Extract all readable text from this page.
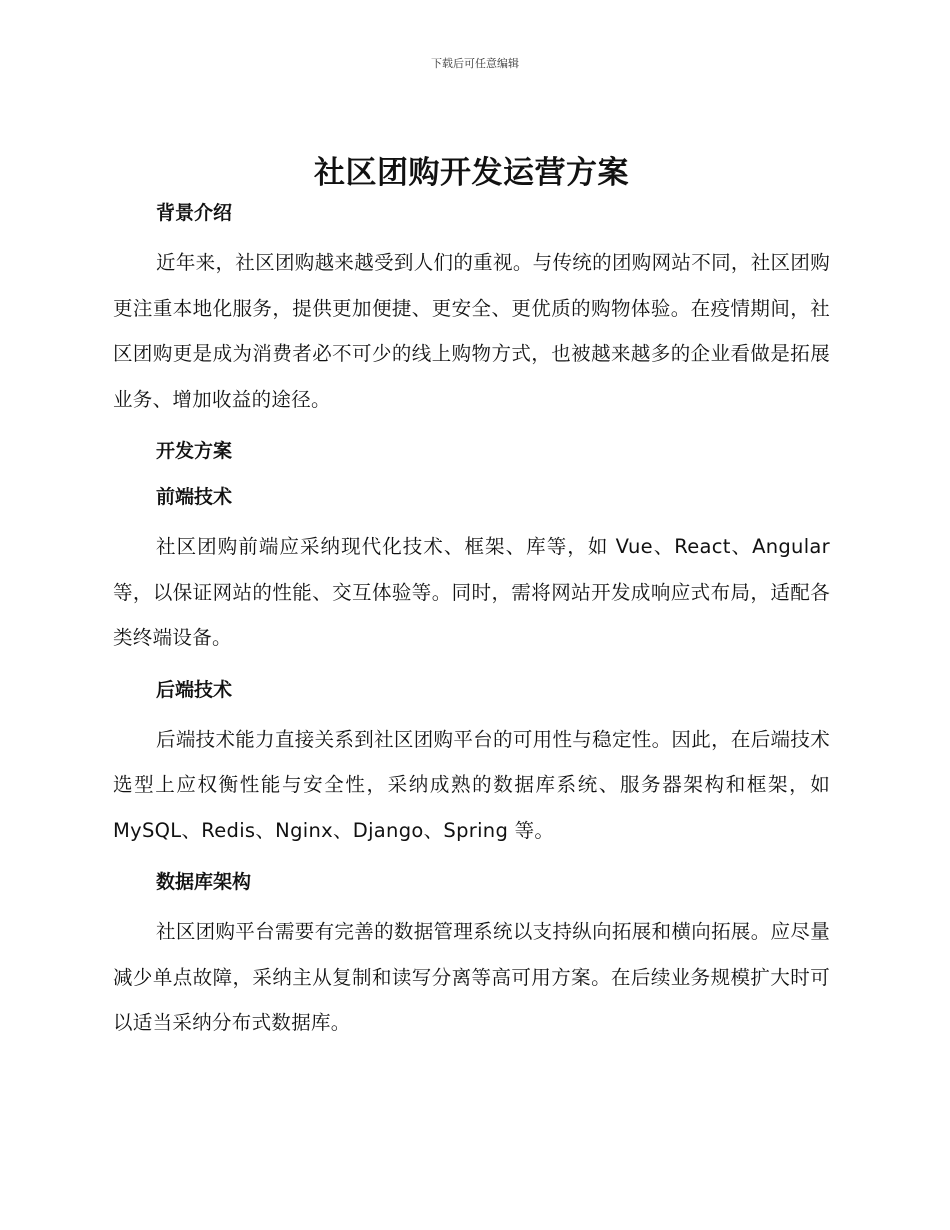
下载后可任意编辑
社区团购开发运营方案
背景介绍

近年来，社区团购越来越受到人们的重视。与传统的团购网站不同，社区团购更注重本地化服务，提供更加便捷、更安全、更优质的购物体验。在疫情期间，社区团购更是成为消费者必不可少的线上购物方式，也被越来越多的企业看做是拓展业务、增加收益的途径。

开发方案
前端技术

社区团购前端应采纳现代化技术、框架、库等，如 Vue、React、Angular 等，以保证网站的性能、交互体验等。同时，需将网站开发成响应式布局，适配各类终端设备。

后端技术

后端技术能力直接关系到社区团购平台的可用性与稳定性。因此，在后端技术选型上应权衡性能与安全性，采纳成熟的数据库系统、服务器架构和框架，如 MySQL、Redis、Nginx、Django、Spring 等。

数据库架构

社区团购平台需要有完善的数据管理系统以支持纵向拓展和横向拓展。应尽量减少单点故障，采纳主从复制和读写分离等高可用方案。在后续业务规模扩大时可以适当采纳分布式数据库。
